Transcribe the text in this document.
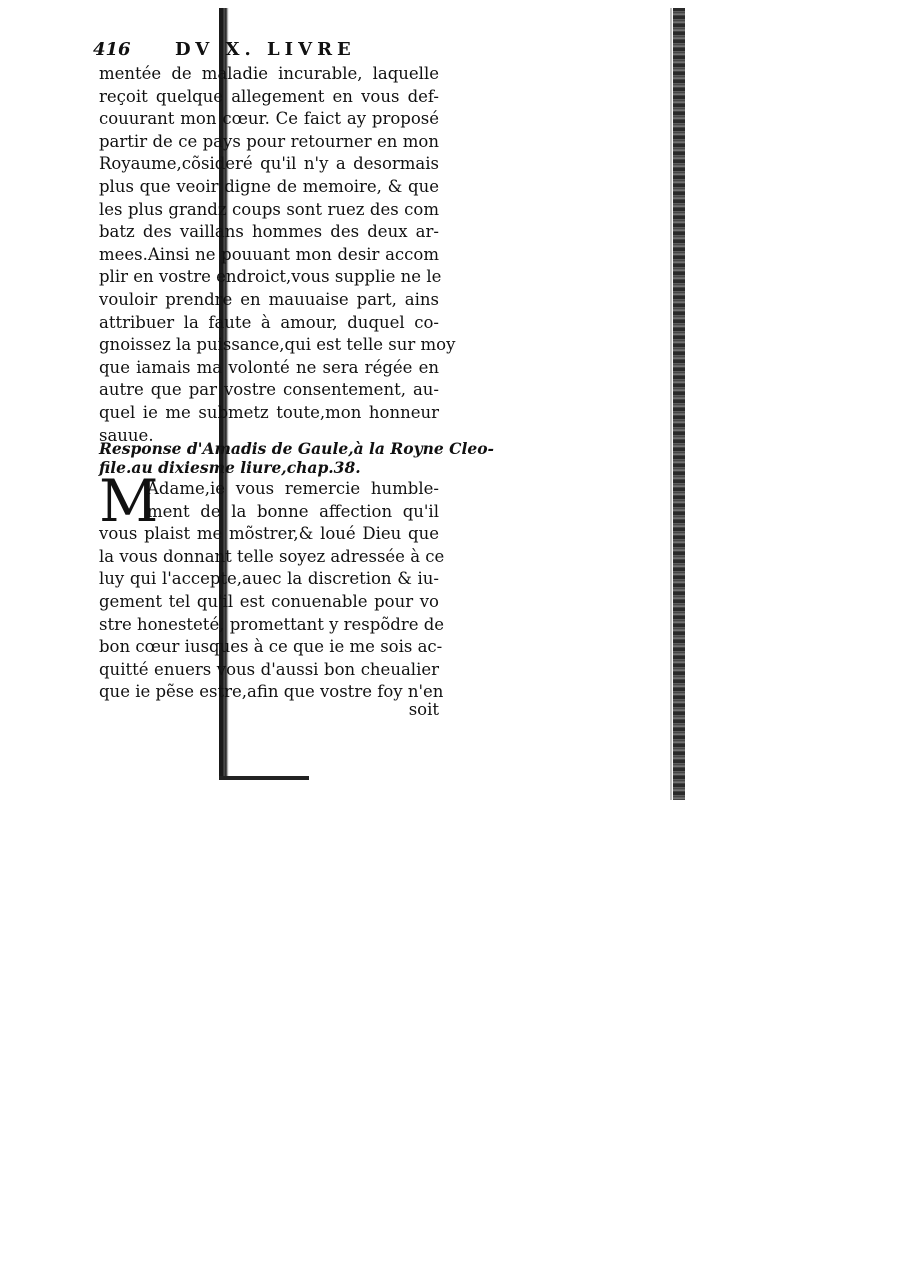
416 DV X. LIVRE
mentée de maladie incurable, laquelle
reçoit quelque allegement en vous def-
couurant mon cœur. Ce faict ay proposé
partir de ce pays pour retourner en mon
Royaume,cõsideré qu'il n'y a desormais
plus que veoir digne de memoire, & que
les plus grandz coups sont ruez des com
batz des vaillans hommes des deux ar-
mees.Ainsi ne pouuant mon desir accom
plir en vostre endroict,vous supplie ne le
vouloir prendre en mauuaise part, ains
attribuer la faute à amour, duquel co-
gnoissez la puissance,qui est telle sur moy
que iamais ma volonté ne sera régée en
autre que par vostre consentement, au-
quel ie me submetz toute,mon honneur
sauue.
Response d'Amadis de Gaule,à la Royne Cleo-
file.au dixiesme liure,chap.38.
M
Adame,ie vous remercie humble-
ment de la bonne affection qu'il
vous plaist me mõstrer,& loué Dieu que
la vous donnant telle soyez adressée à ce
luy qui l'accepte,auec la discretion & iu-
gement tel qu'il est conuenable pour vo
stre honesteté, promettant y respõdre de
bon cœur iusques à ce que ie me sois ac-
quitté enuers vous d'aussi bon cheualier
que ie pẽse estre,afin que vostre foy n'en
soit
